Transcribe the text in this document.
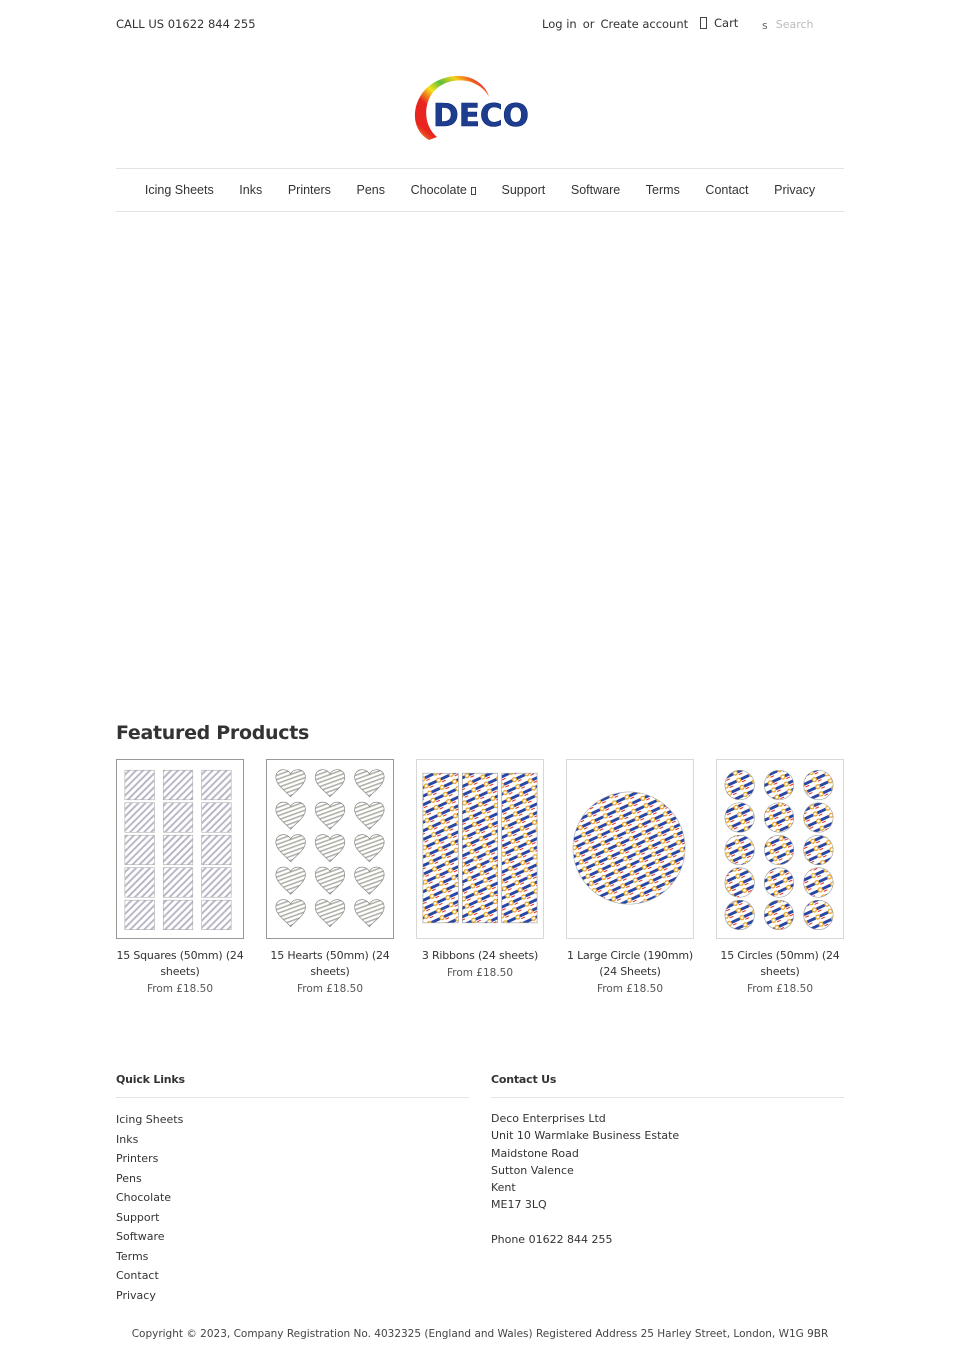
CALL US 01622 844 255	Log in or Create account Cart s
Search
DECO
Icing Sheets Inks Printers Pens Chocolate	Support Software Terms Contact Privacy
Featured Products
15 Squares (50mm) (24 sheets)
From £18.50
15 Hearts (50mm) (24 sheets)
From £18.50
3 Ribbons (24 sheets)
From £18.50
1 Large Circle (190mm) (24 Sheets)
From £18.50
15 Circles (50mm) (24 sheets)
From £18.50
Quick Links
Icing Sheets
Inks
Printers
Pens
Chocolate
Support
Software
Terms
Contact
Privacy
Contact Us
Deco Enterprises Ltd
Unit 10 Warmlake Business Estate
Maidstone Road
Sutton Valence
Kent
ME17 3LQ
Phone 01622 844 255
Copyright © 2023, Company Registration No. 4032325 (England and Wales) Registered Address 25 Harley Street, London, W1G 9BR
